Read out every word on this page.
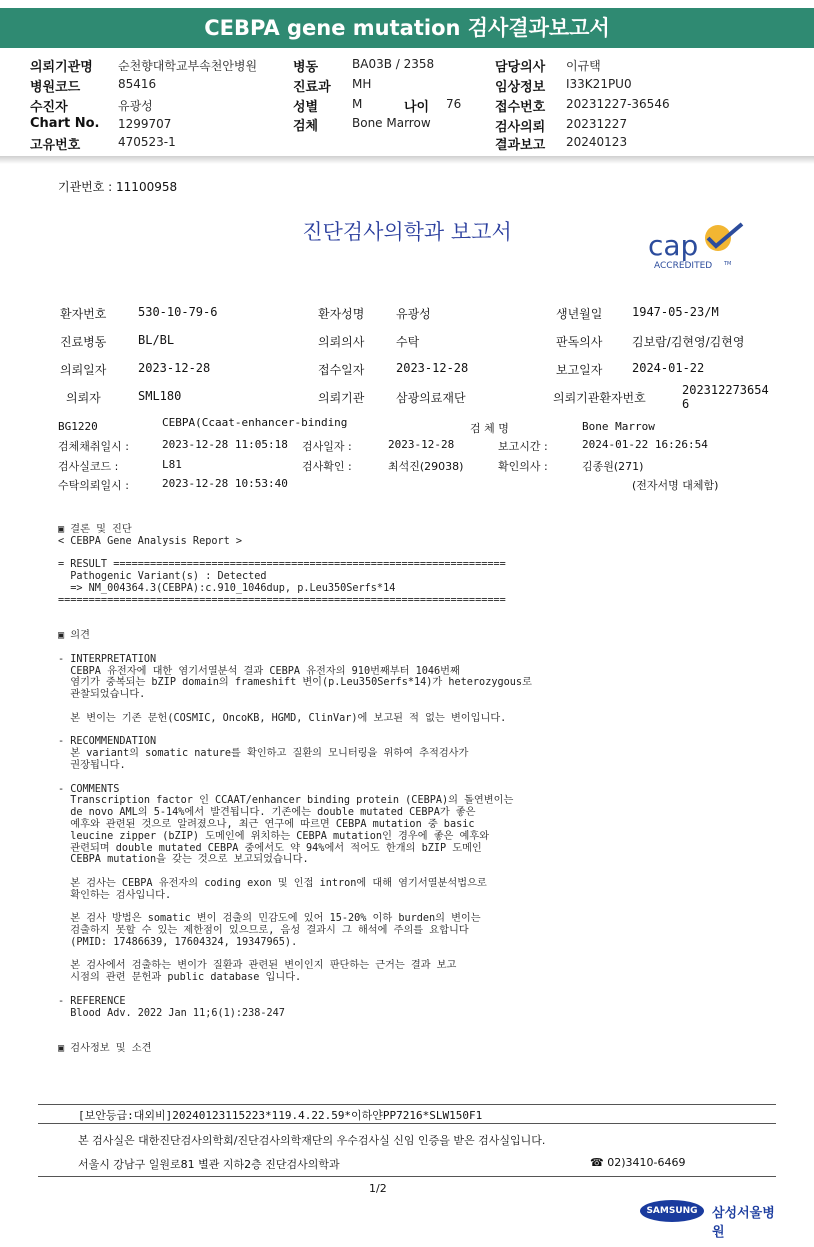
CEBPA gene mutation 검사결과보고서
의뢰기관명 순천향대학교부속천안병원	병동	BA03B / 2358	담당의사 이규택
병원코드	85416	진료과 MH	임상정보 I33K21PU0
수진자	유광성	성별	M	나이 76	접수번호 20231227-36546
Chart No. 1299707	검체	Bone Marrow	검사의뢰 20231227
고유번호	470523-1	결과보고 20240123
기관번호 : 11100958
진단검사의학과 보고서	cap
ACCREDITED TM
환자번호	530-10-79-6	환자성명	유광성	생년월일 1947-05-23/M
진료병동	BL/BL	의뢰의사	수탁	판독의사 김보람/김현영/김현영
의뢰일자	2023-12-28	접수일자	2023-12-28	보고일자 2024-01-22
의뢰자	SML180	의뢰기관	삼광의료재단	의뢰기관환자번호
202312273654
6
BG1220	CEBPA(Ccaat-enhancer-binding	검 체 명	Bone Marrow
검체채취일시 :	2023-12-28 11:05:18 검사일자 :	2023-12-28	보고시간 :	2024-01-22 16:26:54
검사실코드 :	L81	검사확인 :	최석진(29038)	확인의사 :	김종원(271)
수탁의뢰일시 :	2023-12-28 10:53:40	(전자서명 대체함)
▣ 결론 및 진단
< CEBPA Gene Analysis Report >
= RESULT ================================================================
Pathogenic Variant(s) : Detected
=> NM_004364.3(CEBPA):c.910_1046dup, p.Leu350Serfs*14
=========================================================================
▣ 의견
- INTERPRETATION
CEBPA 유전자에 대한 염기서열분석 결과 CEBPA 유전자의 910번째부터 1046번째
염기가 중복되는 bZIP domain의 frameshift 변이(p.Leu350Serfs*14)가 heterozygous로
관찰되었습니다.
본 변이는 기존 문헌(COSMIC, OncoKB, HGMD, ClinVar)에 보고된 적 없는 변이입니다.
- RECOMMENDATION
본 variant의 somatic nature를 확인하고 질환의 모니터링을 위하여 추적검사가
권장됩니다.
- COMMENTS
Transcription factor 인 CCAAT/enhancer binding protein (CEBPA)의 돌연변이는
de novo AML의 5-14%에서 발견됩니다. 기존에는 double mutated CEBPA가 좋은
예후와 관련된 것으로 알려졌으나, 최근 연구에 따르면 CEBPA mutation 중 basic
leucine zipper (bZIP) 도메인에 위치하는 CEBPA mutation인 경우에 좋은 예후와
관련되며 double mutated CEBPA 중에서도 약 94%에서 적어도 한개의 bZIP 도메인
CEBPA mutation을 갖는 것으로 보고되었습니다.
본 검사는 CEBPA 유전자의 coding exon 및 인접 intron에 대해 염기서열분석법으로
확인하는 검사입니다.
본 검사 방법은 somatic 변이 검출의 민감도에 있어 15-20% 이하 burden의 변이는
검출하지 못할 수 있는 제한점이 있으므로, 음성 결과시 그 해석에 주의를 요합니다
(PMID: 17486639, 17604324, 19347965).
본 검사에서 검출하는 변이가 질환과 관련된 변이인지 판단하는 근거는 결과 보고
시점의 관련 문헌과 public database 입니다.
- REFERENCE
Blood Adv. 2022 Jan 11;6(1):238-247
▣ 검사정보 및 소견
[보안등급:대외비]20240123115223*119.4.22.59*이하얀PP7216*SLW150F1
본 검사실은 대한진단검사의학회/진단검사의학재단의 우수검사실 신임 인증을 받은 검사실입니다.
서울시 강남구 일원로81 별관 지하2층 진단검사의학과	☎ 02)3410-6469
1/2
SAMSUNG	삼성서울병원
